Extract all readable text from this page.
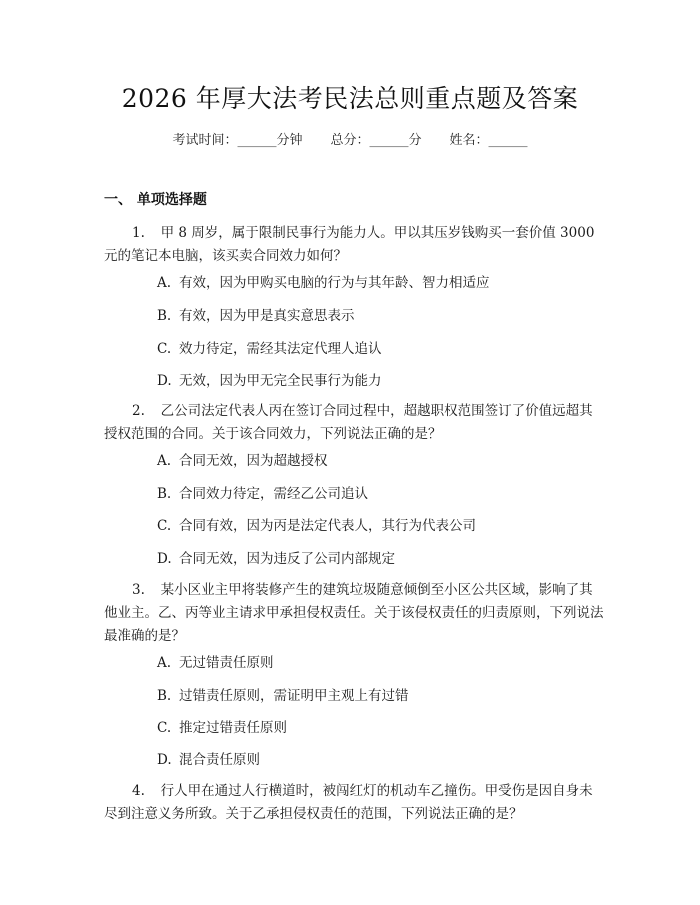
2026 年厚大法考民法总则重点题及答案
考试时间：______分钟 总分：______分 姓名：______
一、 单项选择题
1. 甲 8 周岁，属于限制民事行为能力人。甲以其压岁钱购买一套价值 3000 元的笔记本电脑，该买卖合同效力如何？
A. 有效，因为甲购买电脑的行为与其年龄、智力相适应
B. 有效，因为甲是真实意思表示
C. 效力待定，需经其法定代理人追认
D. 无效，因为甲无完全民事行为能力
2. 乙公司法定代表人丙在签订合同过程中，超越职权范围签订了价值远超其授权范围的合同。关于该合同效力，下列说法正确的是？
A. 合同无效，因为超越授权
B. 合同效力待定，需经乙公司追认
C. 合同有效，因为丙是法定代表人，其行为代表公司
D. 合同无效，因为违反了公司内部规定
3. 某小区业主甲将装修产生的建筑垃圾随意倾倒至小区公共区域，影响了其他业主。乙、丙等业主请求甲承担侵权责任。关于该侵权责任的归责原则，下列说法最准确的是？
A. 无过错责任原则
B. 过错责任原则，需证明甲主观上有过错
C. 推定过错责任原则
D. 混合责任原则
4. 行人甲在通过人行横道时，被闯红灯的机动车乙撞伤。甲受伤是因自身未尽到注意义务所致。关于乙承担侵权责任的范围，下列说法正确的是？
